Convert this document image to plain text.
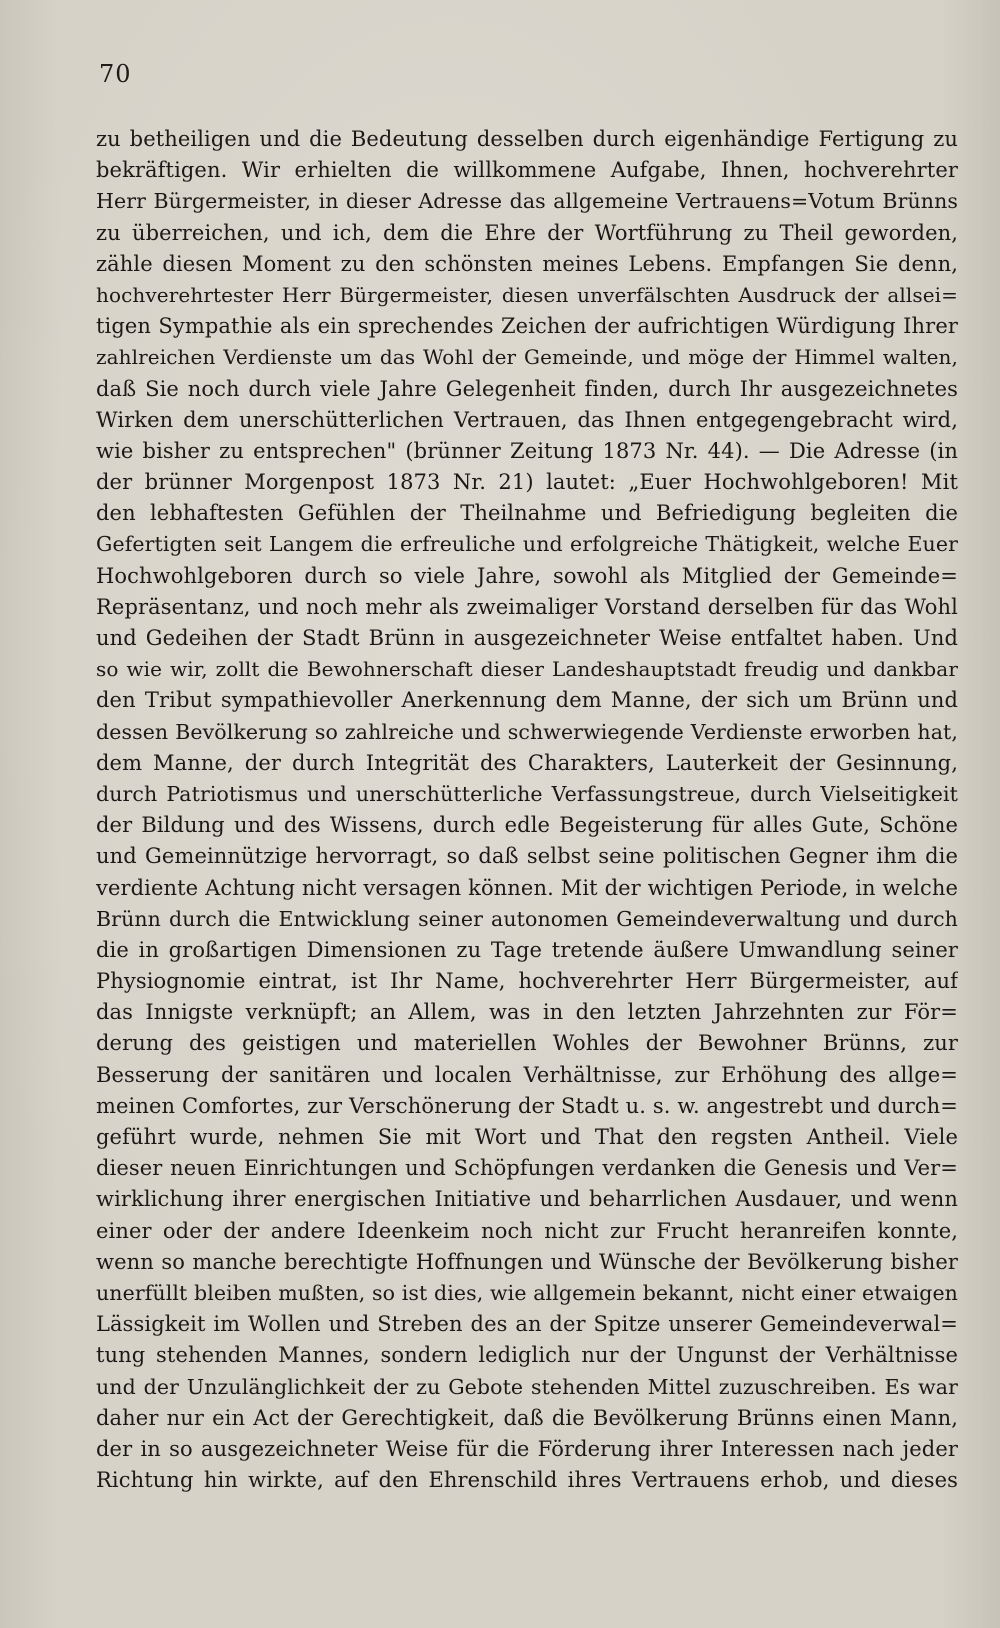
70
zu betheiligen und die Bedeutung desselben durch eigenhändige Fertigung zu
bekräftigen. Wir erhielten die willkommene Aufgabe, Ihnen, hochverehrter
Herr Bürgermeister, in dieser Adresse das allgemeine Vertrauens=Votum Brünns
zu überreichen, und ich, dem die Ehre der Wortführung zu Theil geworden,
zähle diesen Moment zu den schönsten meines Lebens. Empfangen Sie denn,
hochverehrtester Herr Bürgermeister, diesen unverfälschten Ausdruck der allsei=
tigen Sympathie als ein sprechendes Zeichen der aufrichtigen Würdigung Ihrer
zahlreichen Verdienste um das Wohl der Gemeinde, und möge der Himmel walten,
daß Sie noch durch viele Jahre Gelegenheit finden, durch Ihr ausgezeichnetes
Wirken dem unerschütterlichen Vertrauen, das Ihnen entgegengebracht wird,
wie bisher zu entsprechen" (brünner Zeitung 1873 Nr. 44). — Die Adresse (in
der brünner Morgenpost 1873 Nr. 21) lautet: „Euer Hochwohlgeboren! Mit
den lebhaftesten Gefühlen der Theilnahme und Befriedigung begleiten die
Gefertigten seit Langem die erfreuliche und erfolgreiche Thätigkeit, welche Euer
Hochwohlgeboren durch so viele Jahre, sowohl als Mitglied der Gemeinde=
Repräsentanz, und noch mehr als zweimaliger Vorstand derselben für das Wohl
und Gedeihen der Stadt Brünn in ausgezeichneter Weise entfaltet haben. Und
so wie wir, zollt die Bewohnerschaft dieser Landeshauptstadt freudig und dankbar
den Tribut sympathievoller Anerkennung dem Manne, der sich um Brünn und
dessen Bevölkerung so zahlreiche und schwerwiegende Verdienste erworben hat,
dem Manne, der durch Integrität des Charakters, Lauterkeit der Gesinnung,
durch Patriotismus und unerschütterliche Verfassungstreue, durch Vielseitigkeit
der Bildung und des Wissens, durch edle Begeisterung für alles Gute, Schöne
und Gemeinnützige hervorragt, so daß selbst seine politischen Gegner ihm die
verdiente Achtung nicht versagen können. Mit der wichtigen Periode, in welche
Brünn durch die Entwicklung seiner autonomen Gemeindeverwaltung und durch
die in großartigen Dimensionen zu Tage tretende äußere Umwandlung seiner
Physiognomie eintrat, ist Ihr Name, hochverehrter Herr Bürgermeister, auf
das Innigste verknüpft; an Allem, was in den letzten Jahrzehnten zur För=
derung des geistigen und materiellen Wohles der Bewohner Brünns, zur
Besserung der sanitären und localen Verhältnisse, zur Erhöhung des allge=
meinen Comfortes, zur Verschönerung der Stadt u. s. w. angestrebt und durch=
geführt wurde, nehmen Sie mit Wort und That den regsten Antheil. Viele
dieser neuen Einrichtungen und Schöpfungen verdanken die Genesis und Ver=
wirklichung ihrer energischen Initiative und beharrlichen Ausdauer, und wenn
einer oder der andere Ideenkeim noch nicht zur Frucht heranreifen konnte,
wenn so manche berechtigte Hoffnungen und Wünsche der Bevölkerung bisher
unerfüllt bleiben mußten, so ist dies, wie allgemein bekannt, nicht einer etwaigen
Lässigkeit im Wollen und Streben des an der Spitze unserer Gemeindeverwal=
tung stehenden Mannes, sondern lediglich nur der Ungunst der Verhältnisse
und der Unzulänglichkeit der zu Gebote stehenden Mittel zuzuschreiben. Es war
daher nur ein Act der Gerechtigkeit, daß die Bevölkerung Brünns einen Mann,
der in so ausgezeichneter Weise für die Förderung ihrer Interessen nach jeder
Richtung hin wirkte, auf den Ehrenschild ihres Vertrauens erhob, und dieses
